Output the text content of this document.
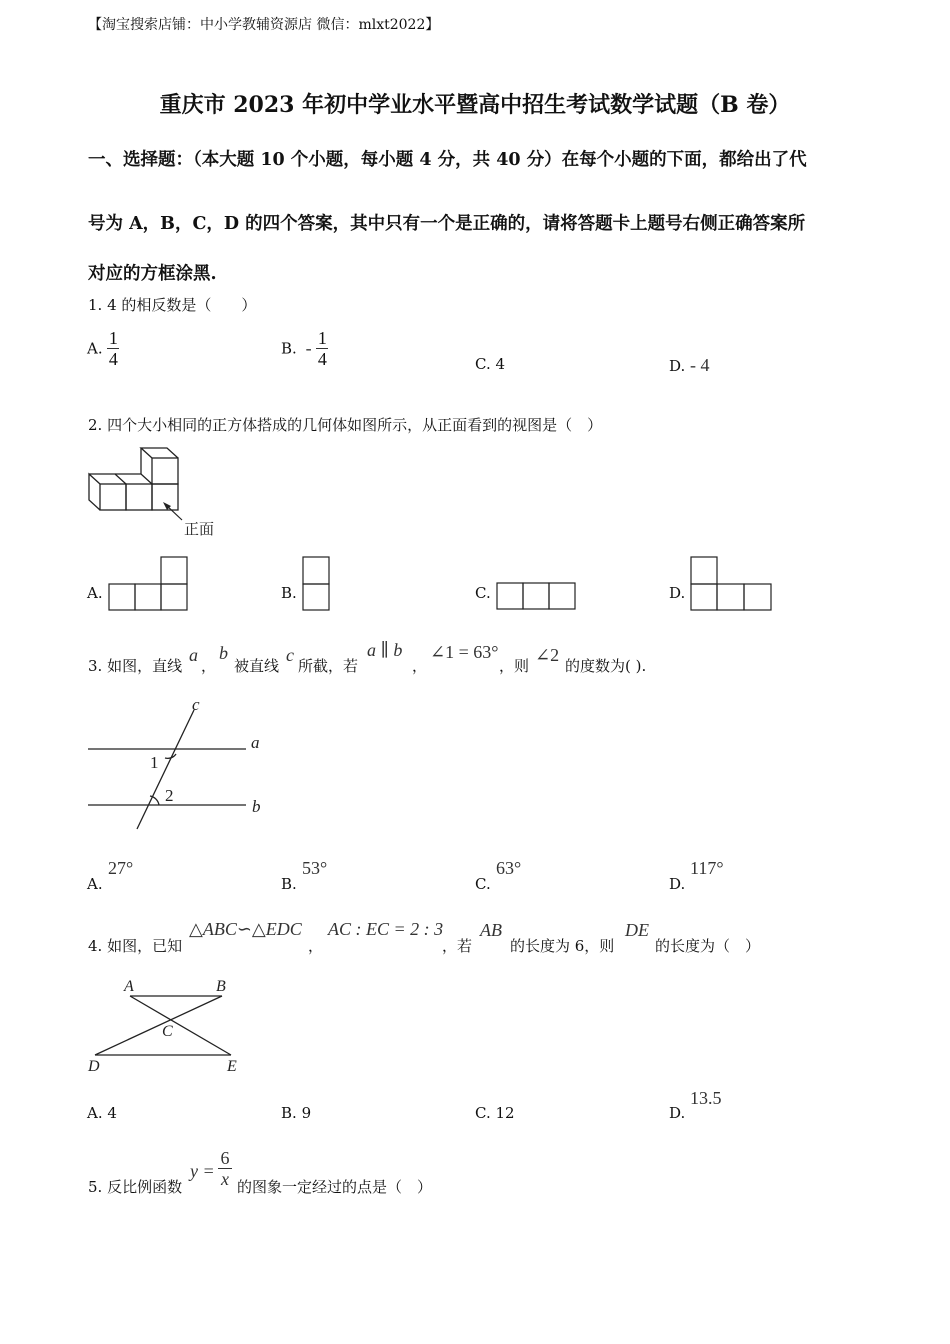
【淘宝搜索店铺：中小学教辅资源店 微信：mlxt2022】
重庆市 2023 年初中学业水平暨高中招生考试数学试题（B 卷）
一、选择题：（本大题 10 个小题，每小题 4 分，共 40 分）在每个小题的下面，都给出了代
号为 A，B，C，D 的四个答案，其中只有一个是正确的，请将答题卡上题号右侧正确答案所
对应的方框涂黑.
1. 4 的相反数是（　　）
A. $\frac{1}{4}$	B. - $\frac{1}{4}$	C. 4	D. - 4
2. 四个大小相同的正方体搭成的几何体如图所示，从正面看到的视图是（　）
正面
A.	B.	C.	D.
3. 如图，直线
a
，
b
被直线
c
所截，若
a ∥ b
，
∠1 = 63°
，则
∠2
的度数为( ).
c
a
b
1
2
A.
27°
B.
53°
C.
63°
D.
117°
4. 如图，已知
△ABC∽△EDC
，
AC : EC = 2 : 3
，若
AB
的长度为 6，则
DE
的长度为（　）
A	B
C
D	E
A. 4	B. 9	C. 12	D.
13.5
5. 反比例函数
$y = \frac{6}{x}$ 的图象一定经过的点是（　）
